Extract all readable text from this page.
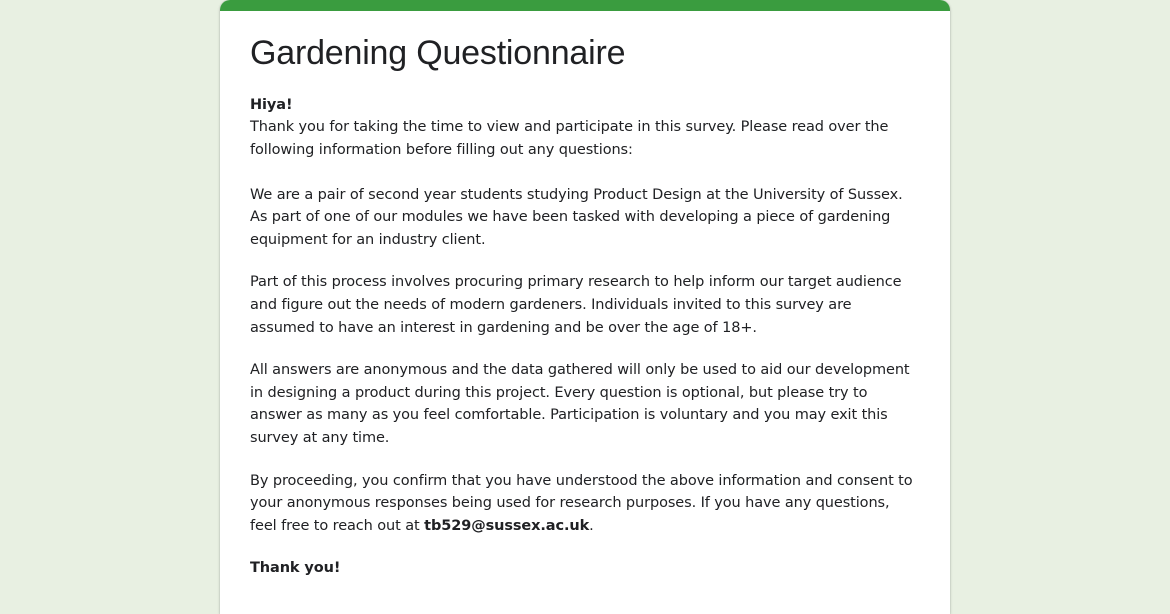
Gardening Questionnaire

Hiya!

Thank you for taking the time to view and participate in this survey. Please read over the following information before filling out any questions:

We are a pair of second year students studying Product Design at the University of Sussex. As part of one of our modules we have been tasked with developing a piece of gardening equipment for an industry client.

Part of this process involves procuring primary research to help inform our target audience and figure out the needs of modern gardeners. Individuals invited to this survey are assumed to have an interest in gardening and be over the age of 18+.

All answers are anonymous and the data gathered will only be used to aid our development in designing a product during this project. Every question is optional, but please try to answer as many as you feel comfortable. Participation is voluntary and you may exit this survey at any time.

By proceeding, you confirm that you have understood the above information and consent to your anonymous responses being used for research purposes. If you have any questions, feel free to reach out at tb529@sussex.ac.uk.

Thank you!
